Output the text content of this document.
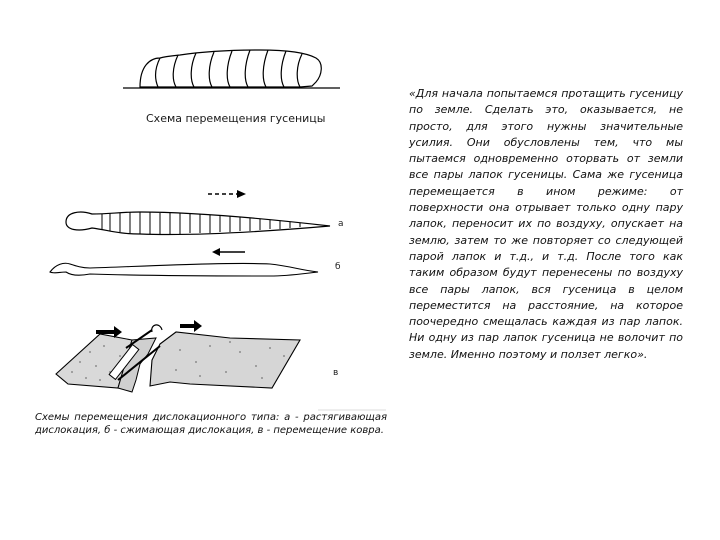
Схема перемещения гусеницы
a
б
в

Схемы перемещения дислокационного типа: а - растягивающая дислокация, б - сжимающая дислокация, в - перемещение ковра.

«Для начала попытаемся протащить гусеницу по земле. Сделать это, оказывается, не просто, для этого нужны значительные усилия. Они обусловлены тем, что мы пытаемся одновременно оторвать от земли все пары лапок гусеницы. Сама же гусеница перемещается в ином режиме: от поверхности она отрывает только одну пару лапок, переносит их по воздуху, опускает на землю, затем то же повторяет со следующей парой лапок и т.д., и т.д. После того как таким образом будут перенесены по воздуху все пары лапок, вся гусеница в целом переместится на расстояние, на которое поочередно смещалась каждая из пар лапок. Ни одну из пар лапок гусеница не волочит по земле. Именно поэтому и ползет легко».
